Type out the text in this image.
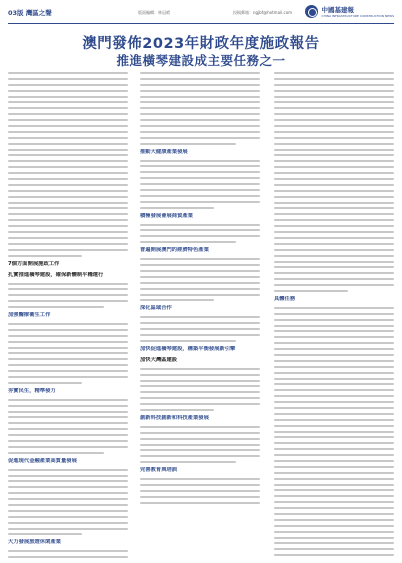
03版 灣區之聲	版面編輯：林冠晴	投稿郵箱：ngjbf@hotmail.com	中國基建報
CHINA INFRASTRUCTURE CONSTRUCTION NEWS
澳門發佈2023年財政年度施政報告
推進橫琴建設成主要任務之一
7個方面開展施政工作
扎實推進橫琴建設，確保新體制平穩運行
加強醫療衛生工作
夯實民生，精準發力
促進現代金融產業高質量發展
大力發展旅遊休閑產業
推動大健康產業發展
積極發展會展商貿產業
普遍開展澳門的經濟特色產業
深化區域合作
加快促進橫琴建設，構築平衡發展新引擎
加快大灣區建設
創新科技創新和科技產業發展
完善教育與培訓
具體任務
